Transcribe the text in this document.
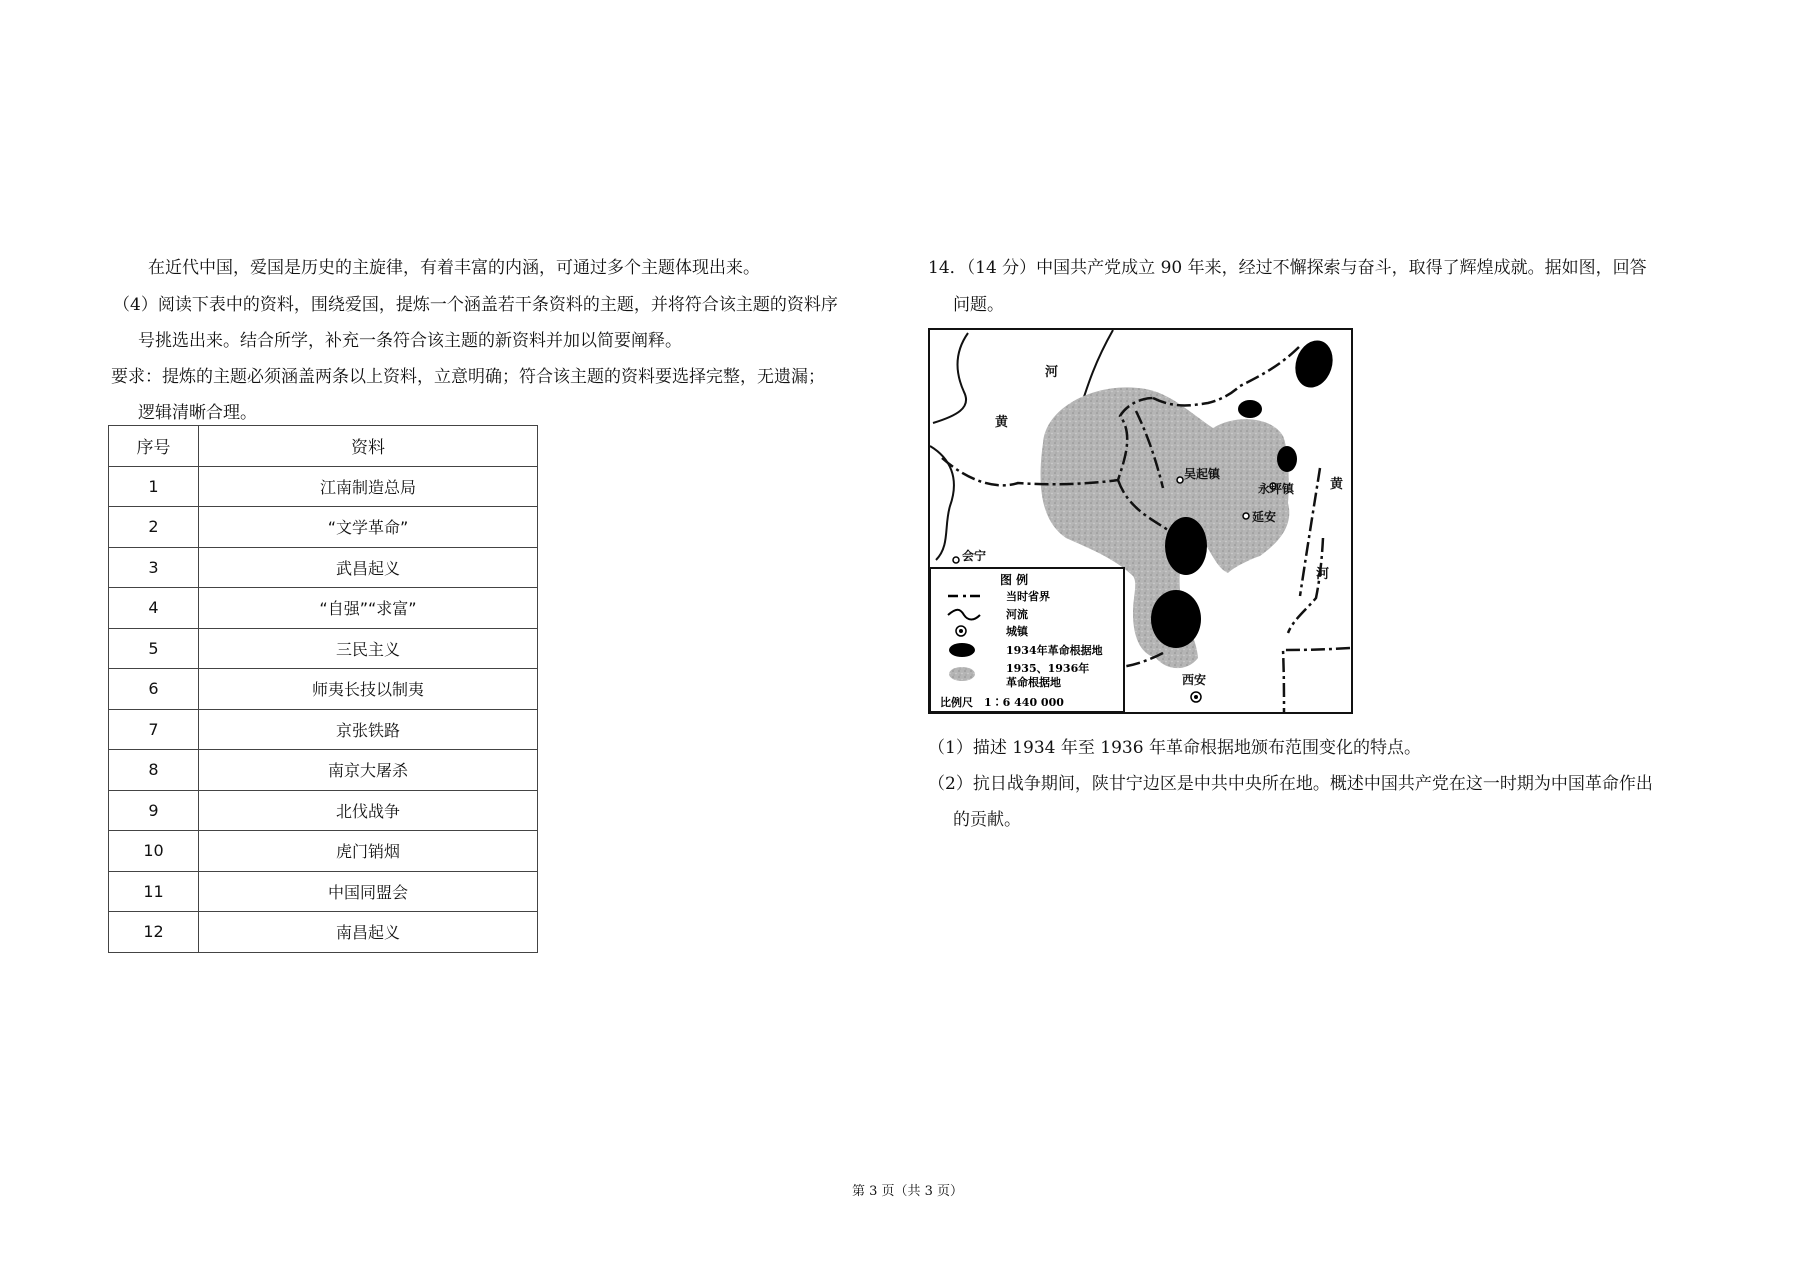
在近代中国，爱国是历史的主旋律，有着丰富的内涵，可通过多个主题体现出来。
（4）阅读下表中的资料，围绕爱国，提炼一个涵盖若干条资料的主题，并将符合该主题的资料序
号挑选出来。结合所学，补充一条符合该主题的新资料并加以简要阐释。
要求：提炼的主题必须涵盖两条以上资料，立意明确；符合该主题的资料要选择完整，无遗漏；
逻辑清晰合理。
序号	资料
1	江南制造总局
2	“文学革命”
3	武昌起义
4	“自强”“求富”
5	三民主义
6	师夷长技以制夷
7	京张铁路
8	南京大屠杀
9	北伐战争
10	虎门销烟
11	中国同盟会
12	南昌起义
14．（14 分）中国共产党成立 90 年来，经过不懈探索与奋斗，取得了辉煌成就。据如图，回答
问题。
河
黄
吴起镇
永坪镇	黄
延安
会宁
河
西安
图 例
当时省界
河流
城镇
1934年革命根据地
1935、1936年
革命根据地
比例尺　1∶6 440 000
（1）描述 1934 年至 1936 年革命根据地颁布范围变化的特点。
（2）抗日战争期间，陕甘宁边区是中共中央所在地。概述中国共产党在这一时期为中国革命作出
的贡献。
第 3 页（共 3 页）
